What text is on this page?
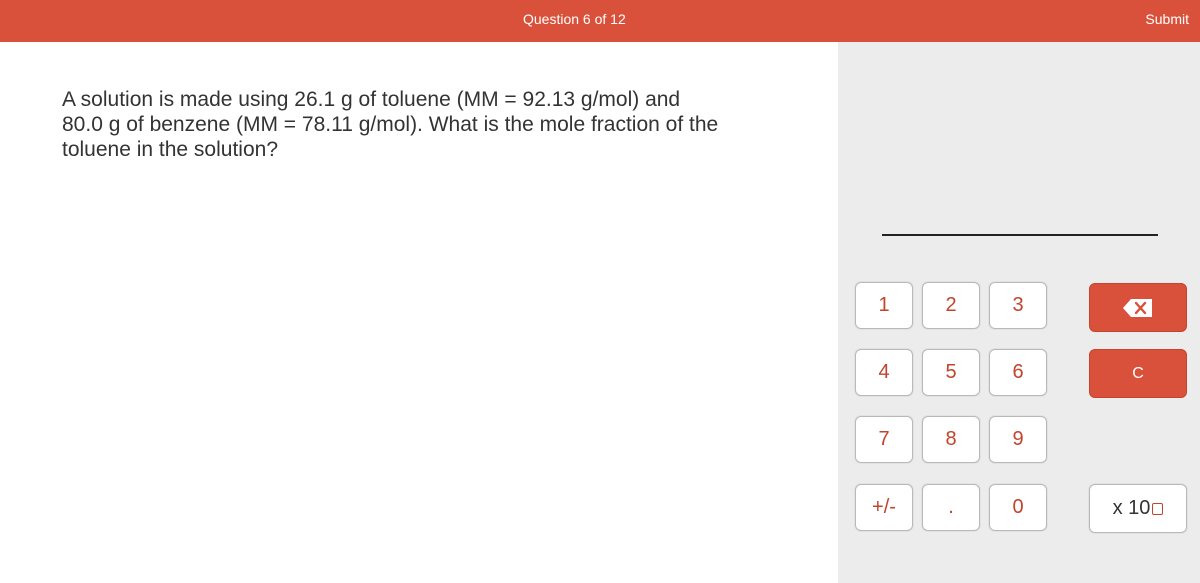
Question 6 of 12	Submit
A solution is made using 26.1 g of toluene (MM = 92.13 g/mol) and 80.0 g of benzene (MM = 78.11 g/mol). What is the mole fraction of the toluene in the solution?
1	2	3
4	5	6	C
7	8	9
+/-	.	0	x 10
